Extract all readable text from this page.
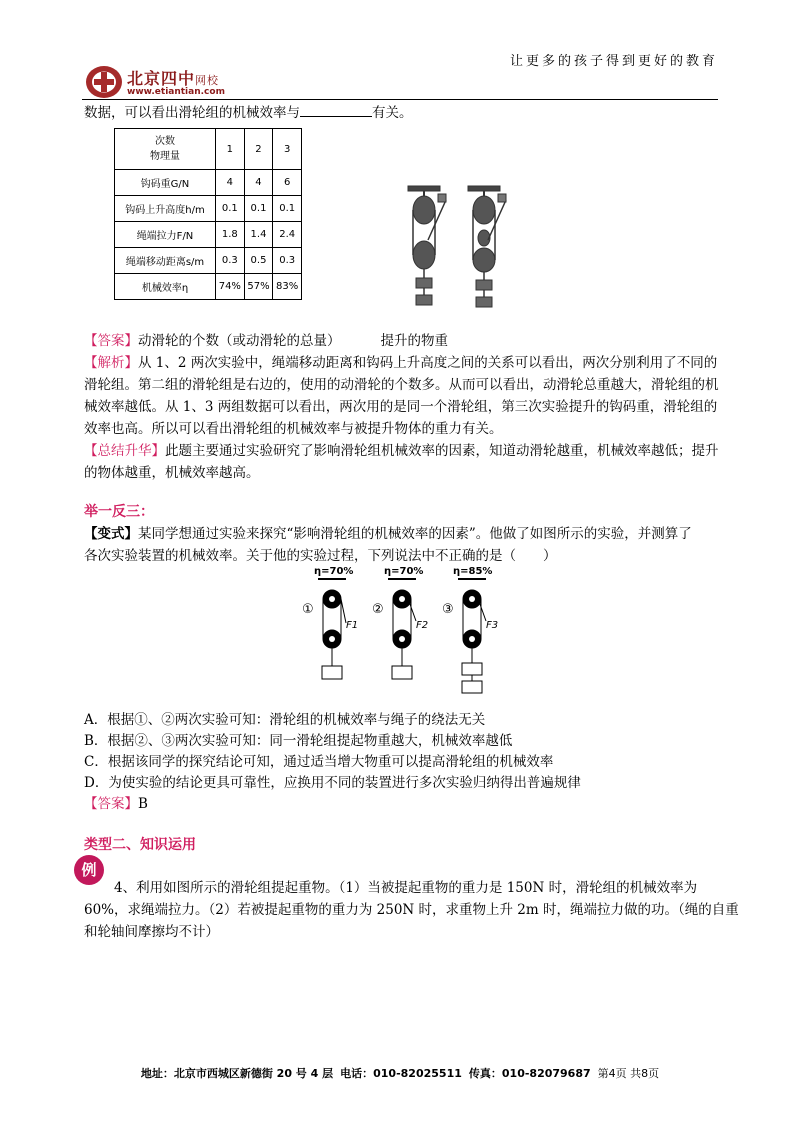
北京四中网校
www.etiantian.com
让更多的孩子得到更好的教育
数据，可以看出滑轮组的机械效率与	有关。
次数
物理量	1	2	3
钩码重G/N	4	4	6
钩码上升高度h/m	0.1	0.1	0.1
绳端拉力F/N	1.8	1.4	2.4
绳端移动距离s/m	0.3	0.5	0.3
机械效率η	74%	57%	83%
【答案】动滑轮的个数（或动滑轮的总量）	提升的物重
【解析】从 1、2 两次实验中，绳端移动距离和钩码上升高度之间的关系可以看出，两次分别利用了不同的
滑轮组。第二组的滑轮组是右边的，使用的动滑轮的个数多。从而可以看出，动滑轮总重越大，滑轮组的机
械效率越低。从 1、3 两组数据可以看出，两次用的是同一个滑轮组，第三次实验提升的钩码重，滑轮组的
效率也高。所以可以看出滑轮组的机械效率与被提升物体的重力有关。
【总结升华】此题主要通过实验研究了影响滑轮组机械效率的因素，知道动滑轮越重，机械效率越低；提升
的物体越重，机械效率越高。
举一反三：
【变式】某同学想通过实验来探究“影响滑轮组的机械效率的因素”。他做了如图所示的实验，并测算了
各次实验装置的机械效率。关于他的实验过程，下列说法中不正确的是（　　）
η=70%
①
F1
η=70%
②
F2
η=85%
③
F3
A．根据①、②两次实验可知：滑轮组的机械效率与绳子的绕法无关
B．根据②、③两次实验可知：同一滑轮组提起物重越大，机械效率越低
C．根据该同学的探究结论可知，通过适当增大物重可以提高滑轮组的机械效率
D．为使实验的结论更具可靠性，应换用不同的装置进行多次实验归纳得出普遍规律
【答案】B
类型二、知识运用
例
4、利用如图所示的滑轮组提起重物。（1）当被提起重物的重力是 150N 时，滑轮组的机械效率为
60%，求绳端拉力。（2）若被提起重物的重力为 250N 时，求重物上升 2m 时，绳端拉力做的功。（绳的自重
和轮轴间摩擦均不计）
地址：北京市西城区新德街 20 号 4 层 电话：010-82025511 传真：010-82079687 第4页 共8页
